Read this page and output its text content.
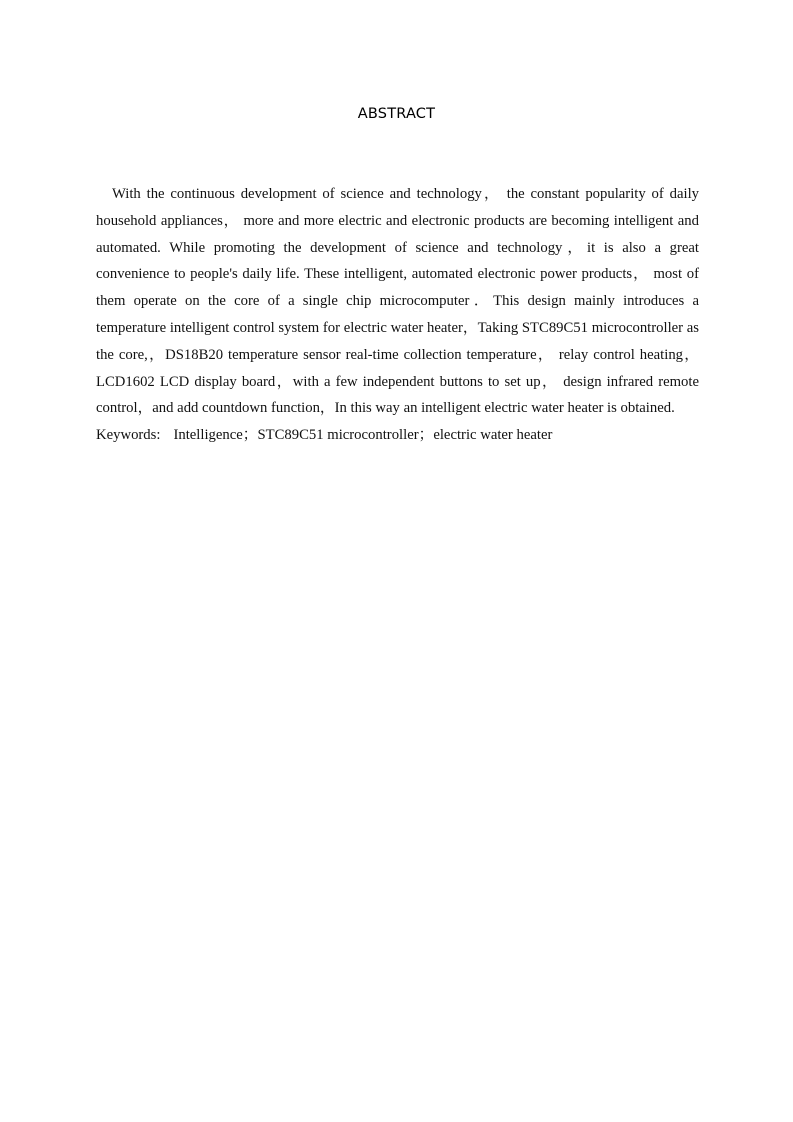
ABSTRACT

With the continuous development of science and technology， the constant popularity of daily household appliances， more and more electric and electronic products are becoming intelligent and automated. While promoting the development of science and technology，it is also a great convenience to people's daily life. These intelligent, automated electronic power products， most of them operate on the core of a single chip microcomputer．This design mainly introduces a temperature intelligent control system for electric water heater，Taking STC89C51 microcontroller as the core,，DS18B20 temperature sensor real-time collection temperature， relay control heating， LCD1602 LCD display board，with a few independent buttons to set up， design infrared remote control，and add countdown function，In this way an intelligent electric water heater is obtained.

Keywords: Intelligence；STC89C51 microcontroller；electric water heater
